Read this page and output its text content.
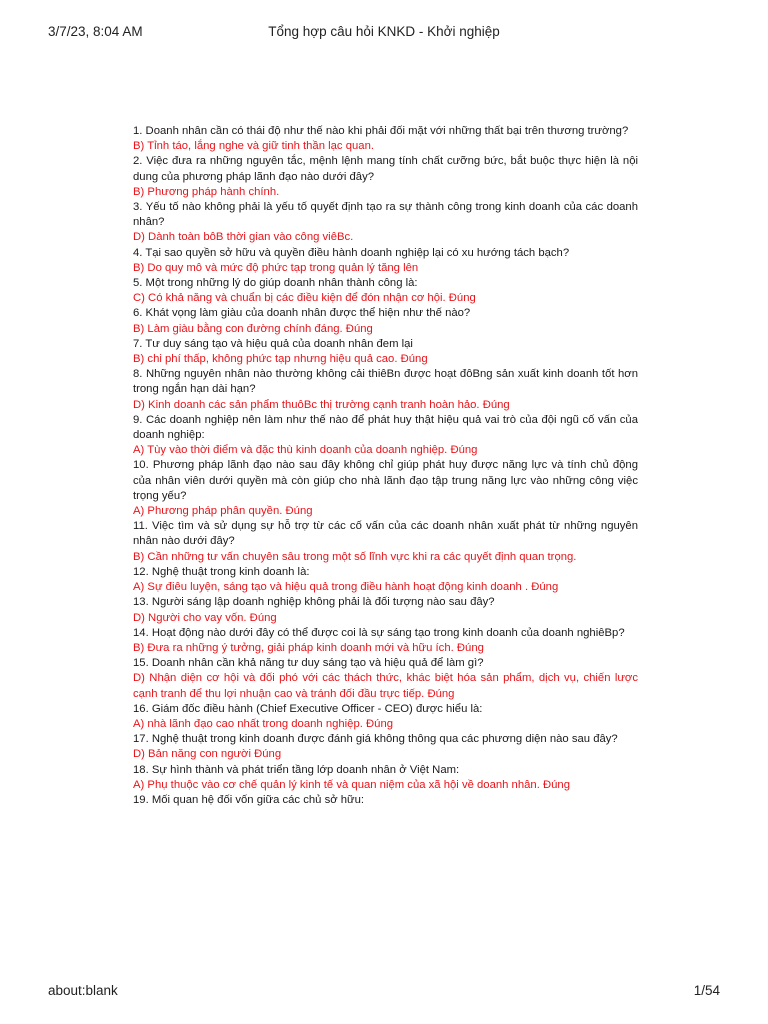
3/7/23, 8:04 AM	Tổng hợp câu hỏi KNKD - Khởi nghiệp

1. Doanh nhân cần có thái độ như thế nào khi phải đối mặt với những thất bại trên thương trường?

B) Tỉnh táo, lắng nghe và giữ tinh thần lạc quan.

2. Việc đưa ra những nguyên tắc, mệnh lệnh mang tính chất cưỡng bức, bắt buộc thực hiện là nội dung của phương pháp lãnh đạo nào dưới đây?

B) Phương pháp hành chính.

3. Yếu tố nào không phải là yếu tố quyết định tạo ra sự thành công trong kinh doanh của các doanh nhân?

D) Dành toàn bôB thời gian vào công viêBc.

4. Tại sao quyền sở hữu và quyền điều hành doanh nghiệp lại có xu hướng tách bạch?

B) Do quy mô và mức độ phức tạp trong quản lý tăng lên

5. Một trong những lý do giúp doanh nhân thành công là:

C) Có khả năng và chuẩn bị các điều kiện để đón nhận cơ hội. Đúng

6. Khát vọng làm giàu của doanh nhân được thể hiện như thế nào?

B) Làm giàu bằng con đường chính đáng. Đúng

7. Tư duy sáng tạo và hiệu quả của doanh nhân đem lại

B) chi phí thấp, không phức tạp nhưng hiệu quả cao. Đúng

8. Những nguyên nhân nào thường không cải thiêBn được hoạt đôBng sản xuất kinh doanh tốt hơn trong ngắn hạn dài hạn?

D) Kinh doanh các sản phẩm thuôBc thị trường cạnh tranh hoàn hảo. Đúng

9. Các doanh nghiệp nên làm như thế nào để phát huy thật hiệu quả vai trò của đội ngũ cố vấn của doanh nghiệp:

A) Tùy vào thời điểm và đặc thù kinh doanh của doanh nghiệp. Đúng

10. Phương pháp lãnh đạo nào sau đây không chỉ giúp phát huy được năng lực và tính chủ động của nhân viên dưới quyền mà còn giúp cho nhà lãnh đạo tập trung năng lực vào những công việc trọng yếu?

A) Phương pháp phân quyền. Đúng

11. Việc tìm và sử dụng sự hỗ trợ từ các cố vấn của các doanh nhân xuất phát từ những nguyên nhân nào dưới đây?

B) Cần những tư vấn chuyên sâu trong một số lĩnh vực khi ra các quyết định quan trọng.

12. Nghệ thuật trong kinh doanh là:

A) Sự điêu luyện, sáng tạo và hiệu quả trong điều hành hoạt động kinh doanh . Đúng

13. Người sáng lập doanh nghiệp không phải là đối tượng nào sau đây?

D) Người cho vay vốn. Đúng

14. Hoạt động nào dưới đây có thể được coi là sự sáng tạo trong kinh doanh của doanh nghiêBp?

B) Đưa ra những ý tưởng, giải pháp kinh doanh mới và hữu ích. Đúng

15. Doanh nhân cần khả năng tư duy sáng tạo và hiệu quả để làm gì?

D) Nhận diện cơ hội và đối phó với các thách thức, khác biệt hóa sản phẩm, dịch vụ, chiến lược cạnh tranh để thu lợi nhuận cao và tránh đối đầu trực tiếp. Đúng

16. Giám đốc điều hành (Chief Executive Officer - CEO) được hiểu là:

A) nhà lãnh đạo cao nhất trong doanh nghiệp. Đúng

17. Nghệ thuật trong kinh doanh được đánh giá không thông qua các phương diện nào sau đây?

D) Bản năng con người Đúng

18. Sự hình thành và phát triển tầng lớp doanh nhân ở Việt Nam:

A) Phụ thuộc vào cơ chế quản lý kinh tế và quan niệm của xã hội về doanh nhân. Đúng

19. Mối quan hệ đối vốn giữa các chủ sở hữu:

about:blank	1/54
